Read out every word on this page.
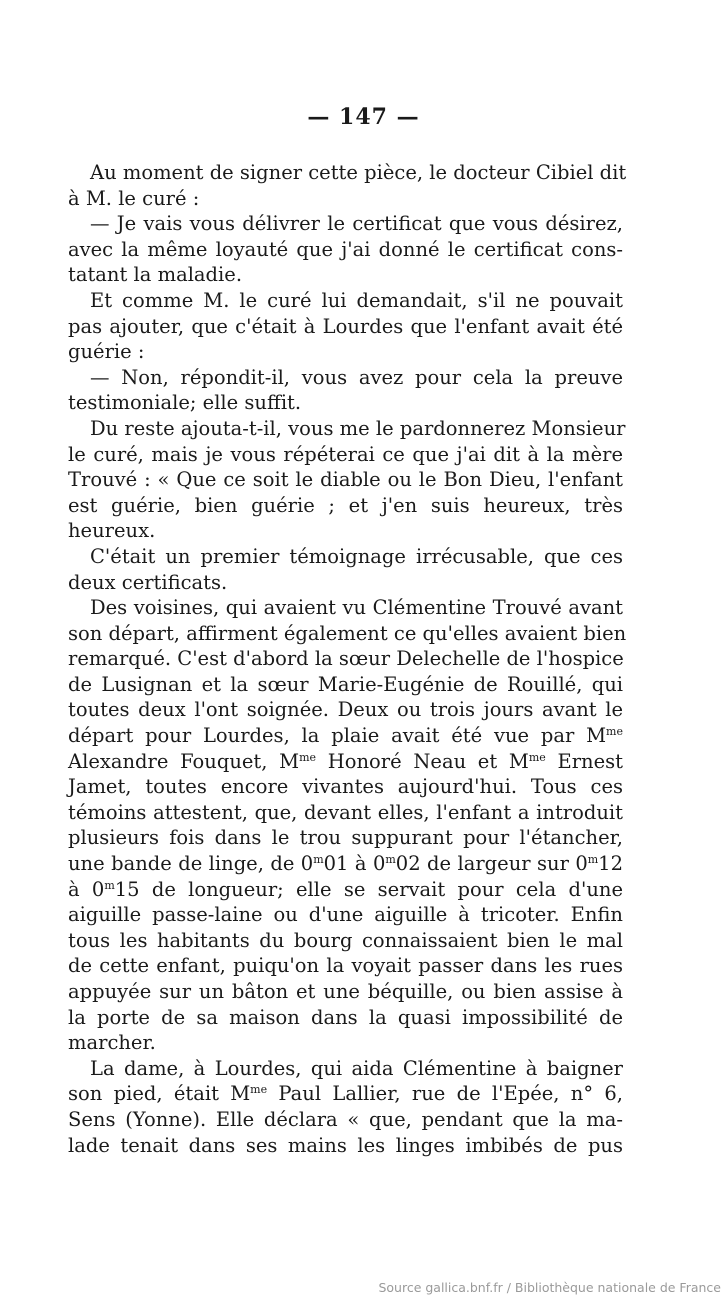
— 147 —
Au moment de signer cette pièce, le docteur Cibiel dit
à M. le curé :
— Je vais vous délivrer le certificat que vous désirez,
avec la même loyauté que j'ai donné le certificat cons-
tatant la maladie.
Et comme M. le curé lui demandait, s'il ne pouvait
pas ajouter, que c'était à Lourdes que l'enfant avait été
guérie :
— Non, répondit-il, vous avez pour cela la preuve
testimoniale; elle suffit.
Du reste ajouta-t-il, vous me le pardonnerez Monsieur
le curé, mais je vous répéterai ce que j'ai dit à la mère
Trouvé : « Que ce soit le diable ou le Bon Dieu, l'enfant
est guérie, bien guérie ; et j'en suis heureux, très
heureux.
C'était un premier témoignage irrécusable, que ces
deux certificats.
Des voisines, qui avaient vu Clémentine Trouvé avant
son départ, affirment également ce qu'elles avaient bien
remarqué. C'est d'abord la sœur Delechelle de l'hospice
de Lusignan et la sœur Marie-Eugénie de Rouillé, qui
toutes deux l'ont soignée. Deux ou trois jours avant le
départ pour Lourdes, la plaie avait été vue par $M^{me}$
Alexandre Fouquet, $M^{me}$ Honoré Neau et $M^{me}$ Ernest
Jamet, toutes encore vivantes aujourd'hui. Tous ces
témoins attestent, que, devant elles, l'enfant a introduit
plusieurs fois dans le trou suppurant pour l'étancher,
une bande de linge, de 0$^m$01 à 0$^m$02 de largeur sur 0$^m$12
à 0$^m$15 de longueur; elle se servait pour cela d'une
aiguille passe-laine ou d'une aiguille à tricoter. Enfin
tous les habitants du bourg connaissaient bien le mal
de cette enfant, puiqu'on la voyait passer dans les rues
appuyée sur un bâton et une béquille, ou bien assise à
la porte de sa maison dans la quasi impossibilité de
marcher.
La dame, à Lourdes, qui aida Clémentine à baigner
son pied, était $M^{me}$ Paul Lallier, rue de l'Epée, n° 6,
Sens (Yonne). Elle déclara « que, pendant que la ma-
lade tenait dans ses mains les linges imbibés de pus
Source gallica.bnf.fr / Bibliothèque nationale de France
